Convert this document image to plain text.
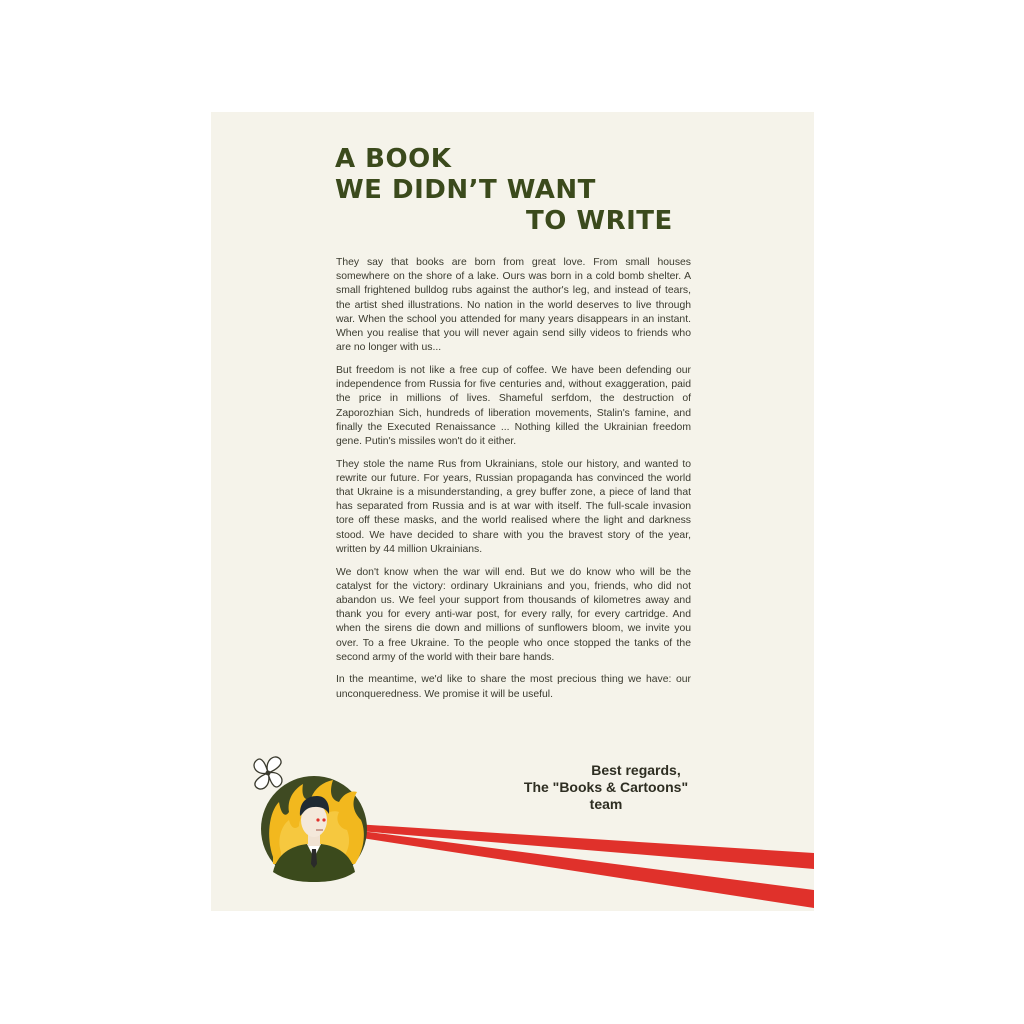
A BOOK
WE DIDN’T WANT
TO WRITE

They say that books are born from great love. From small houses somewhere on the shore of a lake. Ours was born in a cold bomb shelter. A small frightened bulldog rubs against the author's leg, and instead of tears, the artist shed illustrations. No nation in the world deserves to live through war. When the school you attended for many years disappears in an instant. When you realise that you will never again send silly videos to friends who are no longer with us...

But freedom is not like a free cup of coffee. We have been defending our independence from Russia for five centuries and, without exaggeration, paid the price in millions of lives. Shameful serfdom, the destruction of Zaporozhian Sich, hundreds of liberation movements, Stalin's famine, and finally the Executed Renaissance ... Nothing killed the Ukrainian freedom gene. Putin's missiles won't do it either.

They stole the name Rus from Ukrainians, stole our history, and wanted to rewrite our future. For years, Russian propaganda has convinced the world that Ukraine is a misunderstanding, a grey buffer zone, a piece of land that has separated from Russia and is at war with itself. The full-scale invasion tore off these masks, and the world realised where the light and darkness stood. We have decided to share with you the bravest story of the year, written by 44 million Ukrainians.

We don't know when the war will end. But we do know who will be the catalyst for the victory: ordinary Ukrainians and you, friends, who did not abandon us. We feel your support from thousands of kilometres away and thank you for every anti-war post, for every rally, for every cartridge. And when the sirens die down and millions of sunflowers bloom, we invite you over. To a free Ukraine. To the people who once stopped the tanks of the second army of the world with their bare hands.

In the meantime, we'd like to share the most precious thing we have: our unconqueredness. We promise it will be useful.

Best regards,
The "Books & Cartoons"
team
